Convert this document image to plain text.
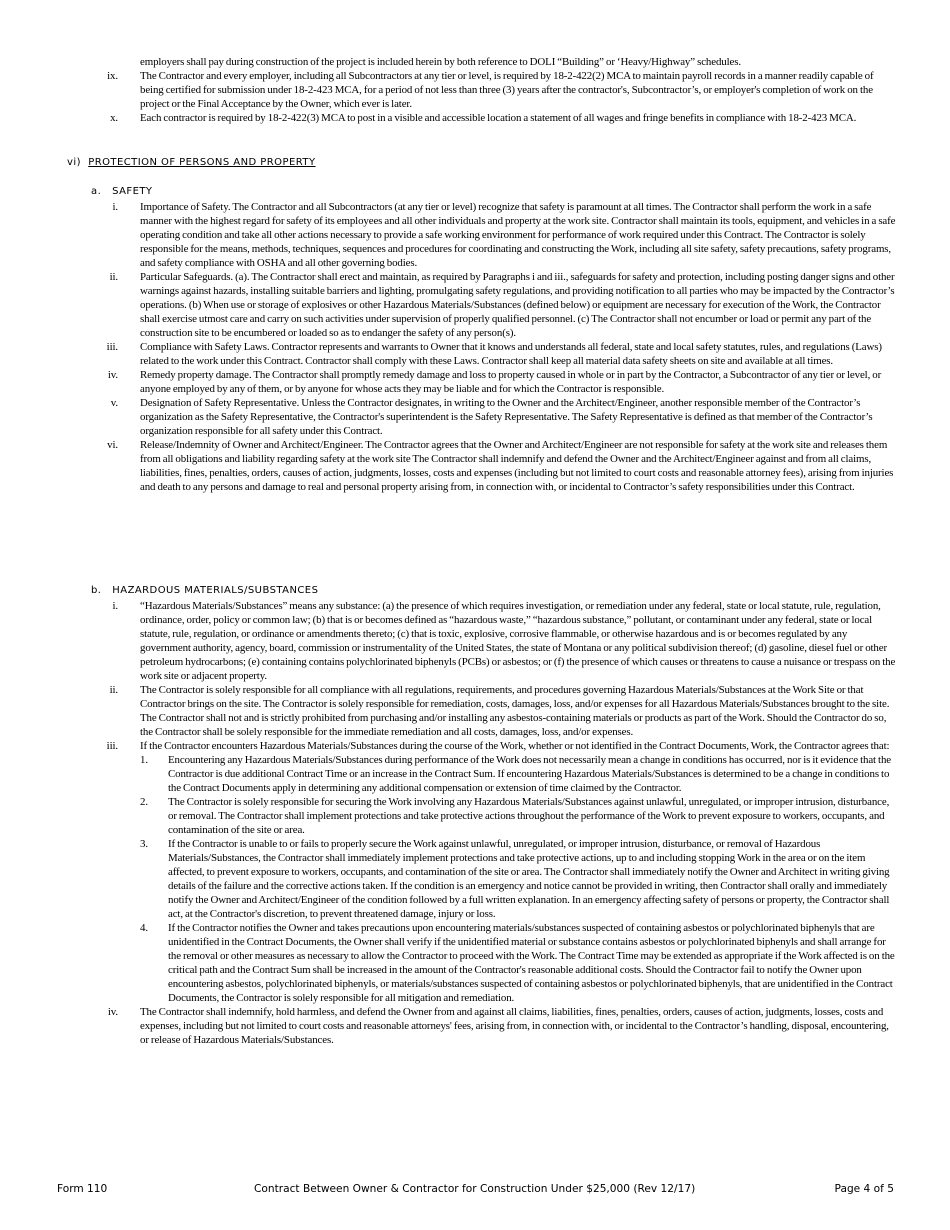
employers shall pay during construction of the project is included herein by both reference to DOLI “Building” or ‘Heavy/Highway” schedules.

ix.	The Contractor and every employer, including all Subcontractors at any tier or level, is required by 18-2-422(2) MCA to maintain payroll records in a manner readily capable of being certified for submission under 18-2-423 MCA, for a period of not less than three (3) years after the contractor's, Subcontractor’s, or employer's completion of work on the project or the Final Acceptance by the Owner, which ever is later.
x.	Each contractor is required by 18-2-422(3) MCA to post in a visible and accessible location a statement of all wages and fringe benefits in compliance with 18-2-423 MCA.
vi) PROTECTION OF PERSONS AND PROPERTY
a.   SAFETY
i.	Importance of Safety. The Contractor and all Subcontractors (at any tier or level) recognize that safety is paramount at all times. The Contractor shall perform the work in a safe manner with the highest regard for safety of its employees and all other individuals and property at the work site. Contractor shall maintain its tools, equipment, and vehicles in a safe operating condition and take all other actions necessary to provide a safe working environment for performance of work required under this Contract. The Contractor is solely responsible for the means, methods, techniques, sequences and procedures for coordinating and constructing the Work, including all site safety, safety precautions, safety programs, and safety compliance with OSHA and all other governing bodies.
ii.	Particular Safeguards. (a). The Contractor shall erect and maintain, as required by Paragraphs i and iii., safeguards for safety and protection, including posting danger signs and other warnings against hazards, installing suitable barriers and lighting, promulgating safety regulations, and providing notification to all parties who may be impacted by the Contractor’s operations. (b) When use or storage of explosives or other Hazardous Materials/Substances (defined below) or equipment are necessary for execution of the Work, the Contractor shall exercise utmost care and carry on such activities under supervision of properly qualified personnel. (c) The Contractor shall not encumber or load or permit any part of the construction site to be encumbered or loaded so as to endanger the safety of any person(s).
iii.	Compliance with Safety Laws. Contractor represents and warrants to Owner that it knows and understands all federal, state and local safety statutes, rules, and regulations (Laws) related to the work under this Contract. Contractor shall comply with these Laws. Contractor shall keep all material data safety sheets on site and available at all times.
iv.	Remedy property damage. The Contractor shall promptly remedy damage and loss to property caused in whole or in part by the Contractor, a Subcontractor of any tier or level, or anyone employed by any of them, or by anyone for whose acts they may be liable and for which the Contractor is responsible.
v.	Designation of Safety Representative. Unless the Contractor designates, in writing to the Owner and the Architect/Engineer, another responsible member of the Contractor’s organization as the Safety Representative, the Contractor's superintendent is the Safety Representative. The Safety Representative is defined as that member of the Contractor’s organization responsible for all safety under this Contract.
vi.	Release/Indemnity of Owner and Architect/Engineer. The Contractor agrees that the Owner and Architect/Engineer are not responsible for safety at the work site and releases them from all obligations and liability regarding safety at the work site The Contractor shall indemnify and defend the Owner and the Architect/Engineer against and from all claims, liabilities, fines, penalties, orders, causes of action, judgments, losses, costs and expenses (including but not limited to court costs and reasonable attorney fees), arising from injuries and death to any persons and damage to real and personal property arising from, in connection with, or incidental to Contractor’s safety responsibilities under this Contract.
b.   HAZARDOUS MATERIALS/SUBSTANCES
i.	“Hazardous Materials/Substances” means any substance: (a) the presence of which requires investigation, or remediation under any federal, state or local statute, rule, regulation, ordinance, order, policy or common law; (b) that is or becomes defined as “hazardous waste,” “hazardous substance,” pollutant, or contaminant under any federal, state or local statute, rule, regulation, or ordinance or amendments thereto; (c) that is toxic, explosive, corrosive flammable, or otherwise hazardous and is or becomes regulated by any government authority, agency, board, commission or instrumentality of the United States, the state of Montana or any political subdivision thereof; (d) gasoline, diesel fuel or other petroleum hydrocarbons; (e) containing contains polychlorinated biphenyls (PCBs) or asbestos; or (f) the presence of which causes or threatens to cause a nuisance or trespass on the work site or adjacent property.
ii.	The Contractor is solely responsible for all compliance with all regulations, requirements, and procedures governing Hazardous Materials/Substances at the Work Site or that Contractor brings on the site. The Contractor is solely responsible for remediation, costs, damages, loss, and/or expenses for all Hazardous Materials/Substances brought to the site. The Contractor shall not and is strictly prohibited from purchasing and/or installing any asbestos-containing materials or products as part of the Work. Should the Contractor do so, the Contractor shall be solely responsible for the immediate remediation and all costs, damages, loss, and/or expenses.
iii.	If the Contractor encounters Hazardous Materials/Substances during the course of the Work, whether or not identified in the Contract Documents, Work, the Contractor agrees that:
1.	Encountering any Hazardous Materials/Substances during performance of the Work does not necessarily mean a change in conditions has occurred, nor is it evidence that the Contractor is due additional Contract Time or an increase in the Contract Sum. If encountering Hazardous Materials/Substances is determined to be a change in conditions to the Contract Documents apply in determining any additional compensation or extension of time claimed by the Contractor.
2.	The Contractor is solely responsible for securing the Work involving any Hazardous Materials/Substances against unlawful, unregulated, or improper intrusion, disturbance, or removal. The Contractor shall implement protections and take protective actions throughout the performance of the Work to prevent exposure to workers, occupants, and contamination of the site or area.
3.	If the Contractor is unable to or fails to properly secure the Work against unlawful, unregulated, or improper intrusion, disturbance, or removal of Hazardous Materials/Substances, the Contractor shall immediately implement protections and take protective actions, up to and including stopping Work in the area or on the item affected, to prevent exposure to workers, occupants, and contamination of the site or area. The Contractor shall immediately notify the Owner and Architect in writing giving details of the failure and the corrective actions taken. If the condition is an emergency and notice cannot be provided in writing, then Contractor shall orally and immediately notify the Owner and Architect/Engineer of the condition followed by a full written explanation. In an emergency affecting safety of persons or property, the Contractor shall act, at the Contractor's discretion, to prevent threatened damage, injury or loss.
4.	If the Contractor notifies the Owner and takes precautions upon encountering materials/substances suspected of containing asbestos or polychlorinated biphenyls that are unidentified in the Contract Documents, the Owner shall verify if the unidentified material or substance contains asbestos or polychlorinated biphenyls and shall arrange for the removal or other measures as necessary to allow the Contractor to proceed with the Work. The Contract Time may be extended as appropriate if the Work affected is on the critical path and the Contract Sum shall be increased in the amount of the Contractor's reasonable additional costs. Should the Contractor fail to notify the Owner upon encountering asbestos, polychlorinated biphenyls, or materials/substances suspected of containing asbestos or polychlorinated biphenyls, that are unidentified in the Contract Documents, the Contractor is solely responsible for all mitigation and remediation.
iv.	The Contractor shall indemnify, hold harmless, and defend the Owner from and against all claims, liabilities, fines, penalties, orders, causes of action, judgments, losses, costs and expenses, including but not limited to court costs and reasonable attorneys' fees, arising from, in connection with, or incidental to the Contractor’s handling, disposal, encountering, or release of Hazardous Materials/Substances.
Form 110	Contract Between Owner & Contractor for Construction Under $25,000 (Rev 12/17)	Page 4 of 5
